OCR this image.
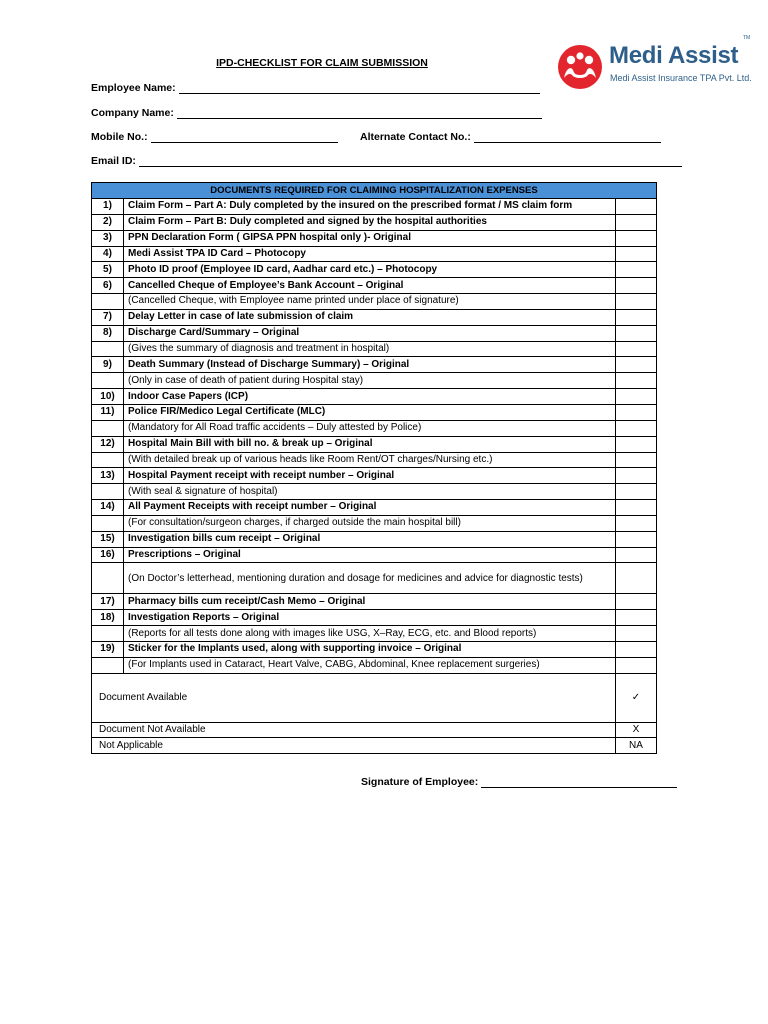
IPD-CHECKLIST FOR CLAIM SUBMISSION	Medi Assist
TM
Medi Assist Insurance TPA Pvt. Ltd.
Employee Name:
Company Name:
Mobile No.:	Alternate Contact No.:
Email ID:
DOCUMENTS REQUIRED FOR CLAIMING HOSPITALIZATION EXPENSES		
1)	Claim Form – Part A: Duly completed by the insured on the prescribed format / MS claim form	
2)	Claim Form – Part B: Duly completed and signed by the hospital authorities	
3)	PPN Declaration Form ( GIPSA PPN hospital only )- Original	
4)	Medi Assist TPA ID Card – Photocopy	
5)	Photo ID proof (Employee ID card, Aadhar card etc.) – Photocopy	
6)	Cancelled Cheque of Employee’s Bank Account – Original	
	(Cancelled Cheque, with Employee name printed under place of signature)	
7)	Delay Letter in case of late submission of claim	
8)	Discharge Card/Summary – Original	
	(Gives the summary of diagnosis and treatment in hospital)	
9)	Death Summary (Instead of Discharge Summary) – Original	
	(Only in case of death of patient during Hospital stay)	
10)	Indoor Case Papers (ICP)	
11)	Police FIR/Medico Legal Certificate (MLC)	
	(Mandatory for All Road traffic accidents – Duly attested by Police)	
12)	Hospital Main Bill with bill no. & break up – Original	
	(With detailed break up of various heads like Room Rent/OT charges/Nursing etc.)	
13)	Hospital Payment receipt with receipt number – Original	
	(With seal & signature of hospital)	
14)	All Payment Receipts with receipt number – Original	
	(For consultation/surgeon charges, if charged outside the main hospital bill)	
15)	Investigation bills cum receipt – Original	
16)	Prescriptions – Original	
	(On Doctor’s letterhead, mentioning duration and dosage for medicines and advice for diagnostic tests)	
17)	Pharmacy bills cum receipt/Cash Memo – Original	
18)	Investigation Reports – Original	
	(Reports for all tests done along with images like USG, X–Ray, ECG, etc. and Blood reports)	
19)	Sticker for the Implants used, along with supporting invoice – Original	
	(For Implants used in Cataract, Heart Valve, CABG, Abdominal, Knee replacement surgeries)	
Document Available		✓
Document Not Available		X
Not Applicable		NA
Signature of Employee:
